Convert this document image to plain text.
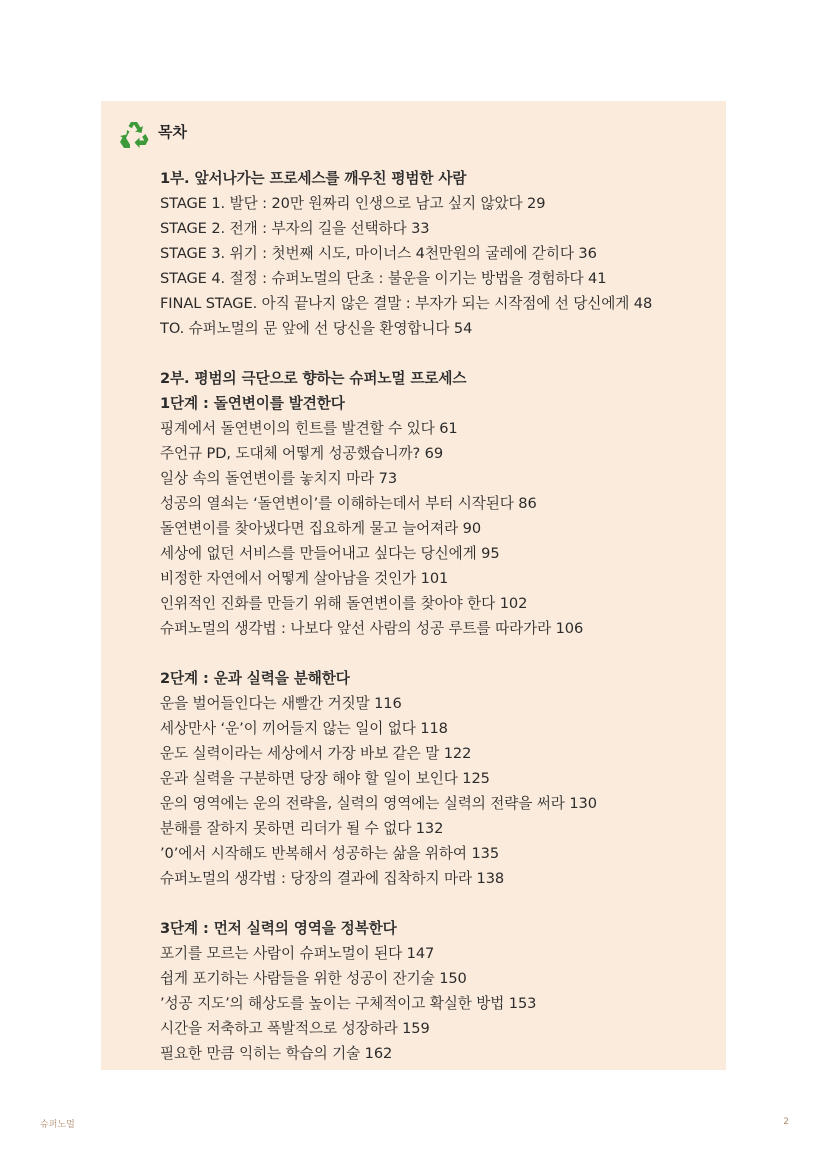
목차
1부. 앞서나가는 프로세스를 깨우친 평범한 사람
STAGE 1. 발단 : 20만 원짜리 인생으로 남고 싶지 않았다 29
STAGE 2. 전개 : 부자의 길을 선택하다 33
STAGE 3. 위기 : 첫번째 시도, 마이너스 4천만원의 굴레에 갇히다 36
STAGE 4. 절정 : 슈퍼노멀의 단초 : 불운을 이기는 방법을 경험하다 41
FINAL STAGE. 아직 끝나지 않은 결말 : 부자가 되는 시작점에 선 당신에게 48
TO. 슈퍼노멀의 문 앞에 선 당신을 환영합니다 54
2부. 평범의 극단으로 향하는 슈퍼노멀 프로세스
1단계 : 돌연변이를 발견한다
핑계에서 돌연변이의 힌트를 발견할 수 있다 61
주언규 PD, 도대체 어떻게 성공했습니까? 69
일상 속의 돌연변이를 놓치지 마라 73
성공의 열쇠는 ‘돌연변이’를 이해하는데서 부터 시작된다 86
돌연변이를 찾아냈다면 집요하게 물고 늘어져라 90
세상에 없던 서비스를 만들어내고 싶다는 당신에게 95
비정한 자연에서 어떻게 살아남을 것인가 101
인위적인 진화를 만들기 위해 돌연변이를 찾아야 한다 102
슈퍼노멀의 생각법 : 나보다 앞선 사람의 성공 루트를 따라가라 106
2단계 : 운과 실력을 분해한다
운을 벌어들인다는 새빨간 거짓말 116
세상만사 ‘운’이 끼어들지 않는 일이 없다 118
운도 실력이라는 세상에서 가장 바보 같은 말 122
운과 실력을 구분하면 당장 해야 할 일이 보인다 125
운의 영역에는 운의 전략을, 실력의 영역에는 실력의 전략을 써라 130
분해를 잘하지 못하면 리더가 될 수 없다 132
’0’에서 시작해도 반복해서 성공하는 삶을 위하여 135
슈퍼노멀의 생각법 : 당장의 결과에 집착하지 마라 138
3단계 : 먼저 실력의 영역을 정복한다
포기를 모르는 사람이 슈퍼노멀이 된다 147
쉽게 포기하는 사람들을 위한 성공이 잔기술 150
’성공 지도’의 해상도를 높이는 구체적이고 확실한 방법 153
시간을 저축하고 폭발적으로 성장하라 159
필요한 만큼 익히는 학습의 기술 162
슈퍼노멀	2
